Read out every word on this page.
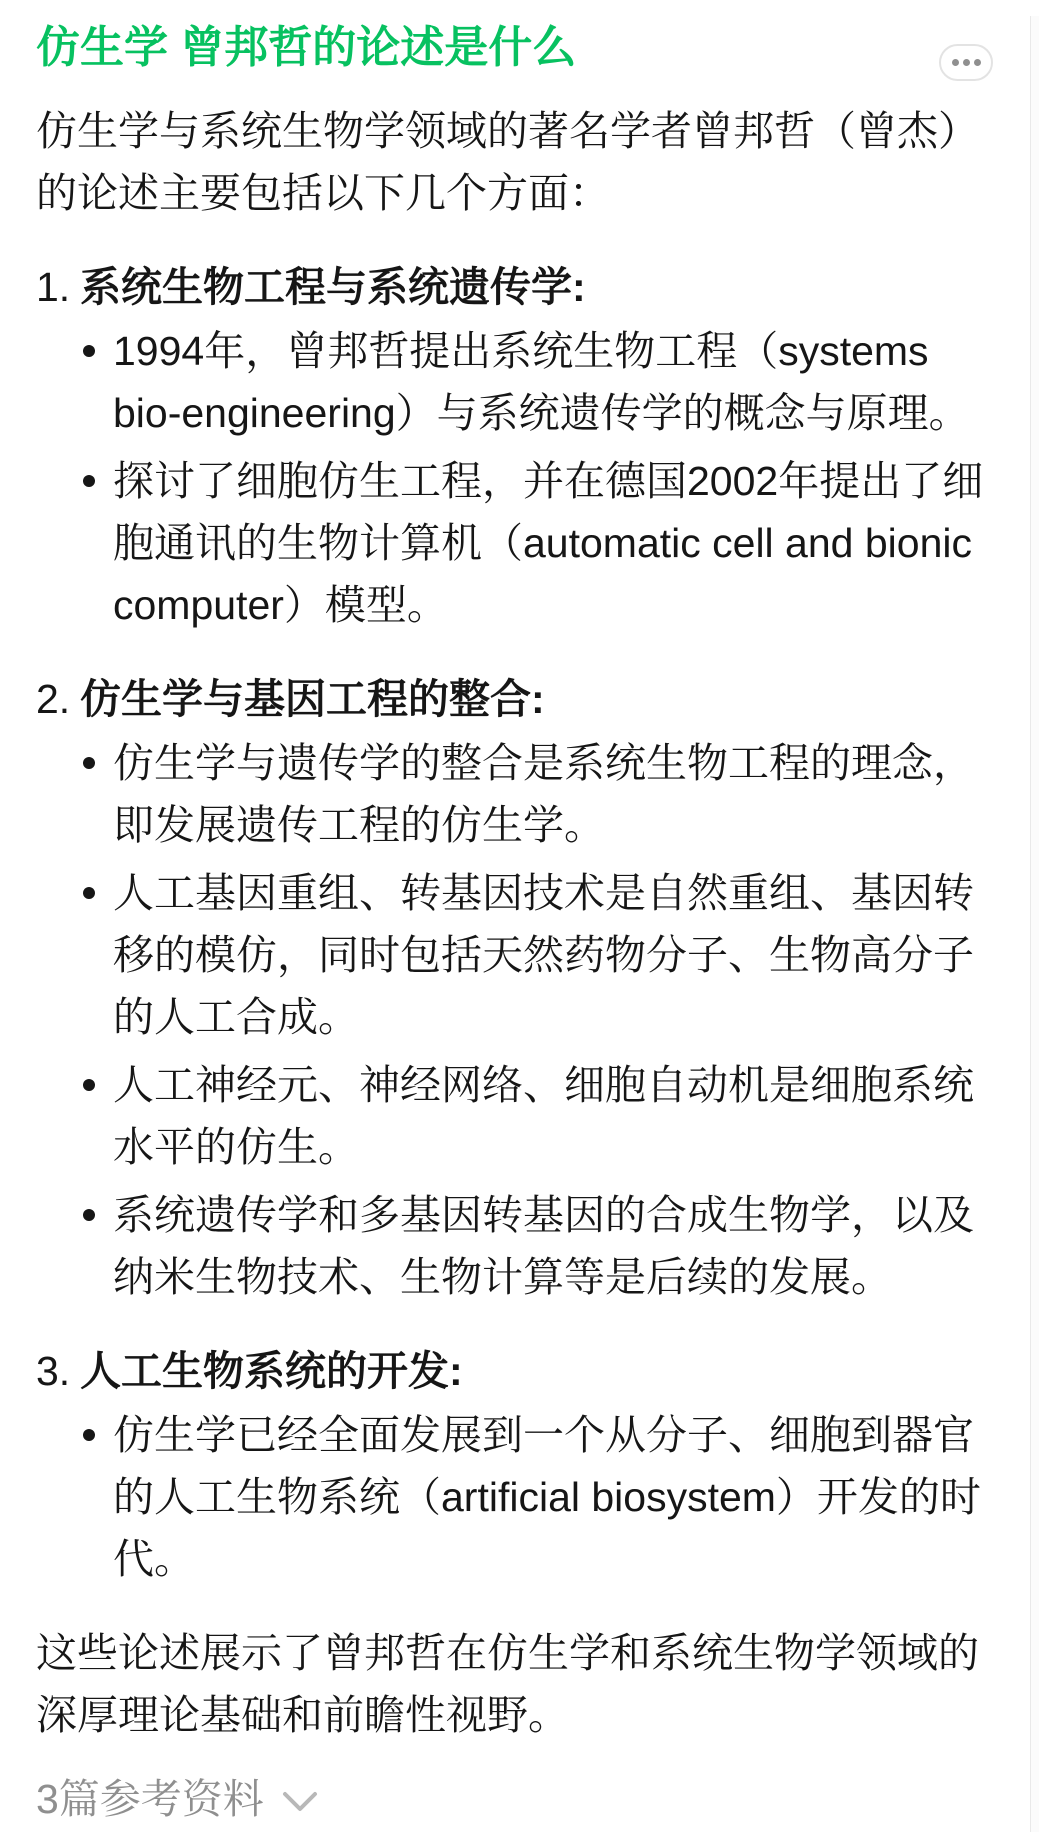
仿生学 曾邦哲的论述是什么

仿生学与系统生物学领域的著名学者曾邦哲（曾杰）的论述主要包括以下几个方面：

1. 系统生物工程与系统遗传学:
1994年，曾邦哲提出系统生物工程（systems bio-engineering）与系统遗传学的概念与原理。
探讨了细胞仿生工程，并在德国2002年提出了细胞通讯的生物计算机（automatic cell and bionic computer）模型。
2. 仿生学与基因工程的整合:
仿生学与遗传学的整合是系统生物工程的理念，即发展遗传工程的仿生学。
人工基因重组、转基因技术是自然重组、基因转移的模仿，同时包括天然药物分子、生物高分子的人工合成。
人工神经元、神经网络、细胞自动机是细胞系统水平的仿生。
系统遗传学和多基因转基因的合成生物学，以及纳米生物技术、生物计算等是后续的发展。
3. 人工生物系统的开发:
仿生学已经全面发展到一个从分子、细胞到器官的人工生物系统（artificial biosystem）开发的时代。

这些论述展示了曾邦哲在仿生学和系统生物学领域的深厚理论基础和前瞻性视野。

3篇参考资料
